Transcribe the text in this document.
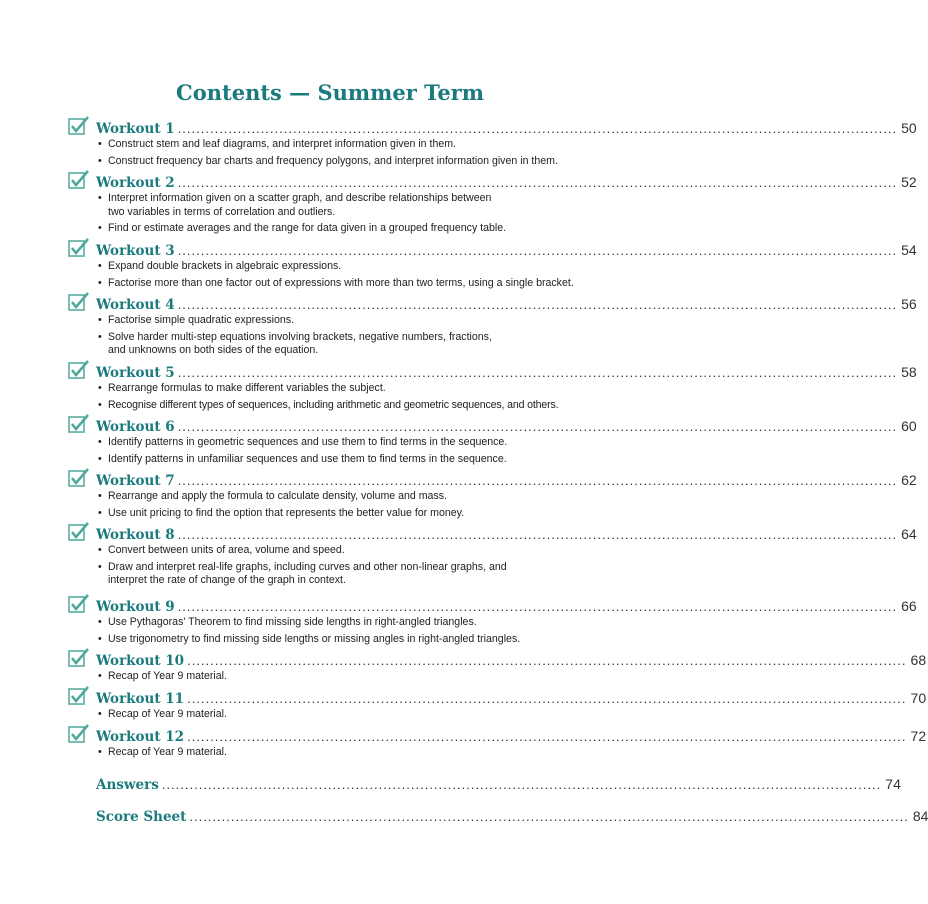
Contents — Summer Term
Workout 1 ............................................................................................................................................................ 50
• Construct stem and leaf diagrams, and interpret information given in them.
• Construct frequency bar charts and frequency polygons, and interpret information given in them.
Workout 2 ............................................................................................................................................................ 52
• Interpret information given on a scatter graph, and describe relationships between two variables in terms of correlation and outliers.
• Find or estimate averages and the range for data given in a grouped frequency table.
Workout 3 ............................................................................................................................................................ 54
• Expand double brackets in algebraic expressions.
• Factorise more than one factor out of expressions with more than two terms, using a single bracket.
Workout 4 ............................................................................................................................................................ 56
• Factorise simple quadratic expressions.
• Solve harder multi-step equations involving brackets, negative numbers, fractions, and unknowns on both sides of the equation.
Workout 5 ............................................................................................................................................................ 58
• Rearrange formulas to make different variables the subject.
• Recognise different types of sequences, including arithmetic and geometric sequences, and others.
Workout 6 ............................................................................................................................................................ 60
• Identify patterns in geometric sequences and use them to find terms in the sequence.
• Identify patterns in unfamiliar sequences and use them to find terms in the sequence.
Workout 7 ............................................................................................................................................................ 62
• Rearrange and apply the formula to calculate density, volume and mass.
• Use unit pricing to find the option that represents the better value for money.
Workout 8 ............................................................................................................................................................ 64
• Convert between units of area, volume and speed.
• Draw and interpret real-life graphs, including curves and other non-linear graphs, and interpret the rate of change of the graph in context.
Workout 9 ............................................................................................................................................................ 66
• Use Pythagoras' Theorem to find missing side lengths in right-angled triangles.
• Use trigonometry to find missing side lengths or missing angles in right-angled triangles.
Workout 10 ............................................................................................................................................................ 68
• Recap of Year 9 material.
Workout 11 ............................................................................................................................................................ 70
• Recap of Year 9 material.
Workout 12 ............................................................................................................................................................ 72
• Recap of Year 9 material.
Answers ............................................................................................................................................................ 74
Score Sheet ............................................................................................................................................................ 84
